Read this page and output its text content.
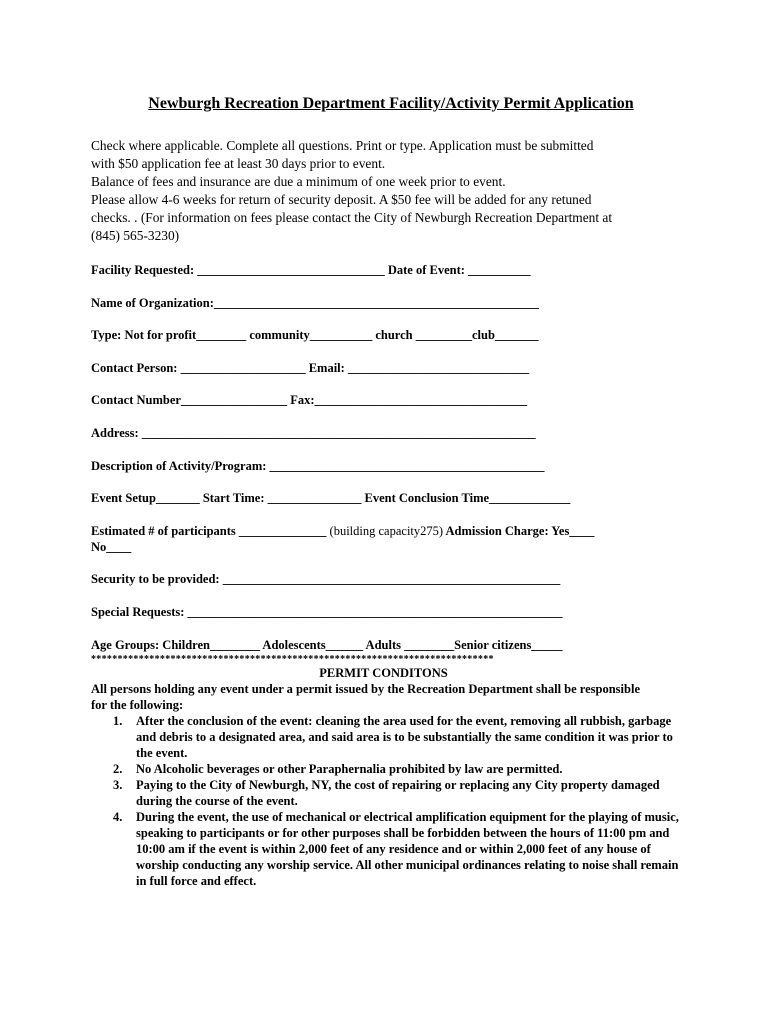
Newburgh Recreation Department Facility/Activity Permit Application
Check where applicable. Complete all questions. Print or type. Application must be submitted
with $50 application fee at least 30 days prior to event.
Balance of fees and insurance are due a minimum of one week prior to event.
Please allow 4-6 weeks for return of security deposit. A $50 fee will be added for any retuned
checks. . (For information on fees please contact the City of Newburgh Recreation Department at
(845) 565-3230)
Facility Requested: ______________________________ Date of Event: __________
Name of Organization:____________________________________________________
Type: Not for profit________ community__________ church _________club_______
Contact Person: ____________________ Email: _____________________________
Contact Number_________________ Fax:__________________________________
Address: _______________________________________________________________
Description of Activity/Program: ____________________________________________
Event Setup_______ Start Time: _______________ Event Conclusion Time_____________
Estimated # of participants ______________ (building capacity275) Admission Charge: Yes____
No____
Security to be provided: ______________________________________________________
Special Requests: ____________________________________________________________
Age Groups: Children________ Adolescents______ Adults ________Senior citizens_____
****************************************************************************
PERMIT CONDITONS
All persons holding any event under a permit issued by the Recreation Department shall be responsible for the following:
1. After the conclusion of the event: cleaning the area used for the event, removing all rubbish, garbage and debris to a designated area, and said area is to be substantially the same condition it was prior to the event.
2. No Alcoholic beverages or other Paraphernalia prohibited by law are permitted.
3. Paying to the City of Newburgh, NY, the cost of repairing or replacing any City property damaged during the course of the event.
4. During the event, the use of mechanical or electrical amplification equipment for the playing of music, speaking to participants or for other purposes shall be forbidden between the hours of 11:00 pm and 10:00 am if the event is within 2,000 feet of any residence and or within 2,000 feet of any house of worship conducting any worship service. All other municipal ordinances relating to noise shall remain in full force and effect.
